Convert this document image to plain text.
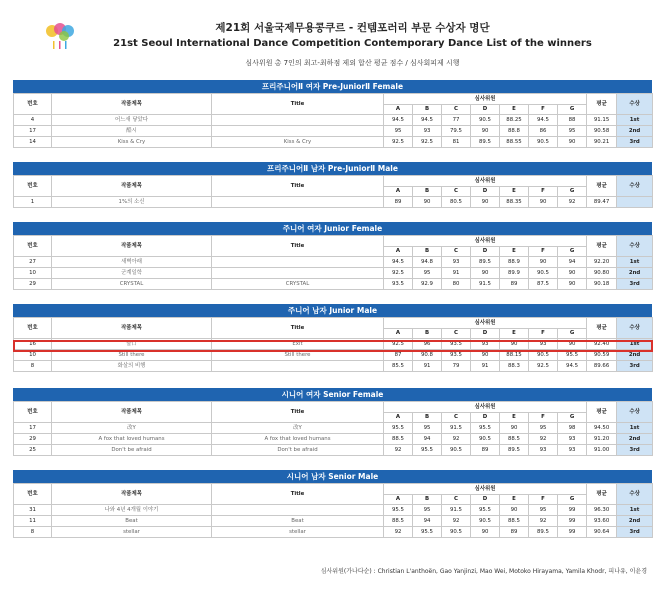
제21회 서울국제무용콩쿠르 - 컨템포러리 부문 수상자 명단
21st Seoul International Dance Competition Contemporary Dance List of the winners
심사위원 총 7인의 최고-최하점 제외 합산 평균 점수 / 심사회피제 시행
프리주니어Ⅱ 여자 Pre-JuniorⅡ Female
번호	작품제목	Title	심사위원							평균	수상
			A	B	C	D	E	F	G		
4	어느새 닿았다		94.5	94.5	77	90.5	88.25	94.5	88	91.15	1st
17	酷시		95	93	79.5	90	88.8	86	95	90.58	2nd
14	Kiss & Cry	Kiss & Cry	92.5	92.5	81	89.5	88.55	90.5	90	90.21	3rd
프리주니어Ⅱ 남자 Pre-JuniorⅡ Male
번호	작품제목	Title	심사위원							평균	수상
			A	B	C	D	E	F	G		
1	1%의 소신		89	90	80.5	90	88.35	90	92	89.47	
주니어 여자 Junior Female
번호	작품제목	Title	심사위원							평균	수상
			A	B	C	D	E	F	G		
27	새벽아래		94.5	94.8	93	89.5	88.9	90	94	92.20	1st
10	군계일학		92.5	95	91	90	89.9	90.5	90	90.80	2nd
29	CRYSTAL	CRYSTAL	93.5	92.9	80	91.5	89	87.5	90	90.18	3rd
주니어 남자 Junior Male
번호	작품제목	Title	심사위원							평균	수상
			A	B	C	D	E	F	G		
16	출口	Exit	92.5	96	93.5	93	90	93	90	92.40	1st
10	Still there	Still there	87	90.8	93.5	90	88.15	90.5	95.5	90.59	2nd
8	화살의 비행		85.5	91	79	91	88.3	92.5	94.5	89.66	3rd
시니어 여자 Senior Female
번호	작품제목	Title	심사위원							평균	수상
			A	B	C	D	E	F	G		
17	改Y	改Y	95.5	95	91.5	95.5	90	95	98	94.50	1st
29	A fox that loved humans	A fox that loved humans	88.5	94	92	90.5	88.5	92	93	91.20	2nd
25	Don't be afraid	Don't be afraid	92	95.5	90.5	89	89.5	93	93	91.00	3rd
시니어 남자 Senior Male
번호	작품제목	Title	심사위원							평균	수상
			A	B	C	D	E	F	G		
31	나와 4년 4개월 이야기		95.5	95	91.5	95.5	90	95	99	96.30	1st
11	Beat	Beat	88.5	94	92	90.5	88.5	92	99	93.60	2nd
8	stellar	stellar	92	95.5	90.5	90	89	89.5	99	90.64	3rd
심사위원(가나다순) : Christian L'anthoën, Gao Yanjinzi, Mao Wei, Motoko Hirayama, Yamila Khodr, 피나유, 이윤경
